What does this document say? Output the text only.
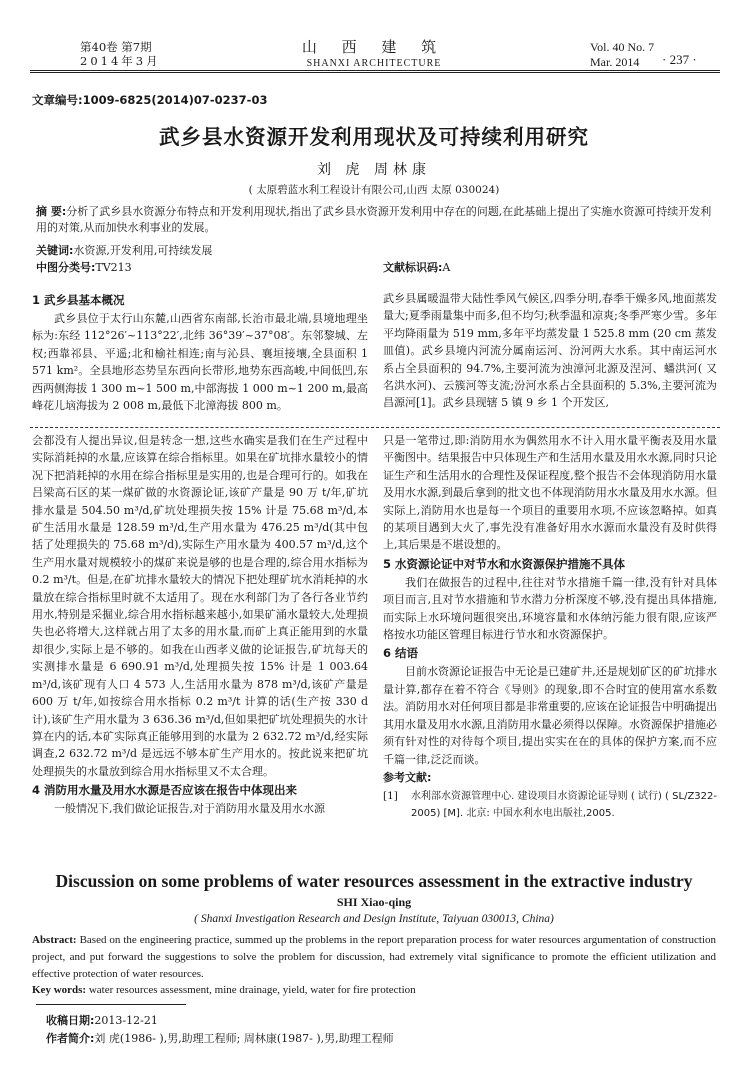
第40卷 第7期
2014年3月
山 西 建 筑
SHANXI ARCHITECTURE
Vol. 40 No. 7
Mar. 2014	· 237 ·
文章编号:1009-6825(2014)07-0237-03
武乡县水资源开发利用现状及可持续利用研究
刘 虎 周林康
( 太原碧蓝水利工程设计有限公司,山西 太原 030024)
摘 要:分析了武乡县水资源分布特点和开发利用现状,指出了武乡县水资源开发利用中存在的问题,在此基础上提出了实施水资源可持续开发利用的对策,从而加快水利事业的发展。
关键词:水资源,开发利用,可持续发展
中图分类号:TV213	文献标识码:A
1 武乡县基本概况

武乡县位于太行山东麓,山西省东南部,长治市最北端,县境地理坐标为:东经 112°26′~113°22′,北纬 36°39′~37°08′。东邻黎城、左权;西靠祁县、平遥;北和榆社相连;南与沁县、襄垣接壤,全县面积 1 571 km²。全县地形态势呈东西向长带形,地势东西高峻,中间低凹,东西两侧海拔 1 300 m~1 500 m,中部海拔 1 000 m~1 200 m,最高峰花儿垴海拔为 2 008 m,最低下北漳海拔 800 m。

武乡县属暖温带大陆性季风气候区,四季分明,春季干燥多风,地面蒸发量大;夏季雨量集中而多,但不均匀;秋季温和凉爽;冬季严寒少雪。多年平均降雨量为 519 mm,多年平均蒸发量 1 525.8 mm (20 cm 蒸发皿值)。武乡县境内河流分属南运河、汾河两大水系。其中南运河水系占全县面积的 94.7%,主要河流为浊漳河北源及涅河、蟠洪河( 又名洪水河)、云簇河等支流;汾河水系占全县面积的 5.3%,主要河流为昌源河[1]。武乡县现辖 5 镇 9 乡 1 个开发区,

会都没有人提出异议,但是转念一想,这些水确实是我们在生产过程中实际消耗掉的水量,应该算在综合指标里。如果在矿坑排水量较小的情况下把消耗掉的水用在综合指标里是实用的,也是合理可行的。如我在吕梁高石区的某一煤矿做的水资源论证,该矿产量是 90 万 t/年,矿坑排水量是 504.50 m³/d,矿坑处理损失按 15% 计是 75.68 m³/d,本矿生活用水量是 128.59 m³/d,生产用水量为 476.25 m³/d(其中包括了处理损失的 75.68 m³/d),实际生产用水量为 400.57 m³/d,这个生产用水量对规模较小的煤矿来说是够的也是合理的,综合用水指标为 0.2 m³/t。但是,在矿坑排水量较大的情况下把处理矿坑水消耗掉的水量放在综合指标里时就不太适用了。现在水利部门为了各行各业节约用水,特别是采掘业,综合用水指标越来越小,如果矿涌水量较大,处理损失也必将增大,这样就占用了太多的用水量,而矿上真正能用到的水量却很少,实际上是不够的。如我在山西孝义做的论证报告,矿坑每天的实测排水量是 6 690.91 m³/d,处理损失按 15% 计是 1 003.64 m³/d,该矿现有人口 4 573 人,生活用水量为 878 m³/d,该矿产量是 600 万 t/年,如按综合用水指标 0.2 m³/t 计算的话(生产按 330 d 计),该矿生产用水量为 3 636.36 m³/d,但如果把矿坑处理损失的水计算在内的话,本矿实际真正能够用到的水量为 2 632.72 m³/d,经实际调查,2 632.72 m³/d 是远远不够本矿生产用水的。按此说来把矿坑处理损失的水量放到综合用水指标里又不太合理。

4 消防用水量及用水水源是否应该在报告中体现出来

一般情况下,我们做论证报告,对于消防用水量及用水水源

只是一笔带过,即:消防用水为偶然用水不计入用水量平衡表及用水量平衡图中。结果报告中只体现生产和生活用水量及用水水源,同时只论证生产和生活用水的合理性及保证程度,整个报告不会体现消防用水量及用水水源,到最后拿到的批文也不体现消防用水水量及用水水源。但实际上,消防用水也是每一个项目的重要用水项,不应该忽略掉。如真的某项目遇到大火了,事先没有准备好用水水源而水量没有及时供得上,其后果是不堪设想的。

5 水资源论证中对节水和水资源保护措施不具体

我们在做报告的过程中,往往对节水措施千篇一律,没有针对具体项目而言,且对节水措施和节水潜力分析深度不够,没有提出具体措施,而实际上水环境问题很突出,环境容量和水体纳污能力很有限,应该严格按水功能区管理目标进行节水和水资源保护。

6 结语

目前水资源论证报告中无论是已建矿井,还是规划矿区的矿坑排水量计算,都存在着不符合《导则》的现象,即不合时宜的使用富水系数法。消防用水对任何项目都是非常重要的,应该在论证报告中明确提出其用水量及用水水源,且消防用水量必须得以保障。水资源保护措施必须有针对性的对待每个项目,提出实实在在的具体的保护方案,而不应千篇一律,泛泛而谈。

参考文献:
[1]	水利部水资源管理中心. 建设项目水资源论证导则 ( 试行) ( SL/Z322-2005) [M]. 北京: 中国水利水电出版社,2005.
Discussion on some problems of water resources assessment in the extractive industry
SHI Xiao-qing
( Shanxi Investigation Research and Design Institute, Taiyuan 030013, China)
Abstract: Based on the engineering practice, summed up the problems in the report preparation process for water resources argumentation of construction project, and put forward the suggestions to solve the problem for discussion, had extremely vital significance to promote the efficient utilization and effective protection of water resources.
Key words: water resources assessment, mine drainage, yield, water for fire protection
收稿日期:2013-12-21
作者简介:刘 虎(1986- ),男,助理工程师; 周林康(1987- ),男,助理工程师
